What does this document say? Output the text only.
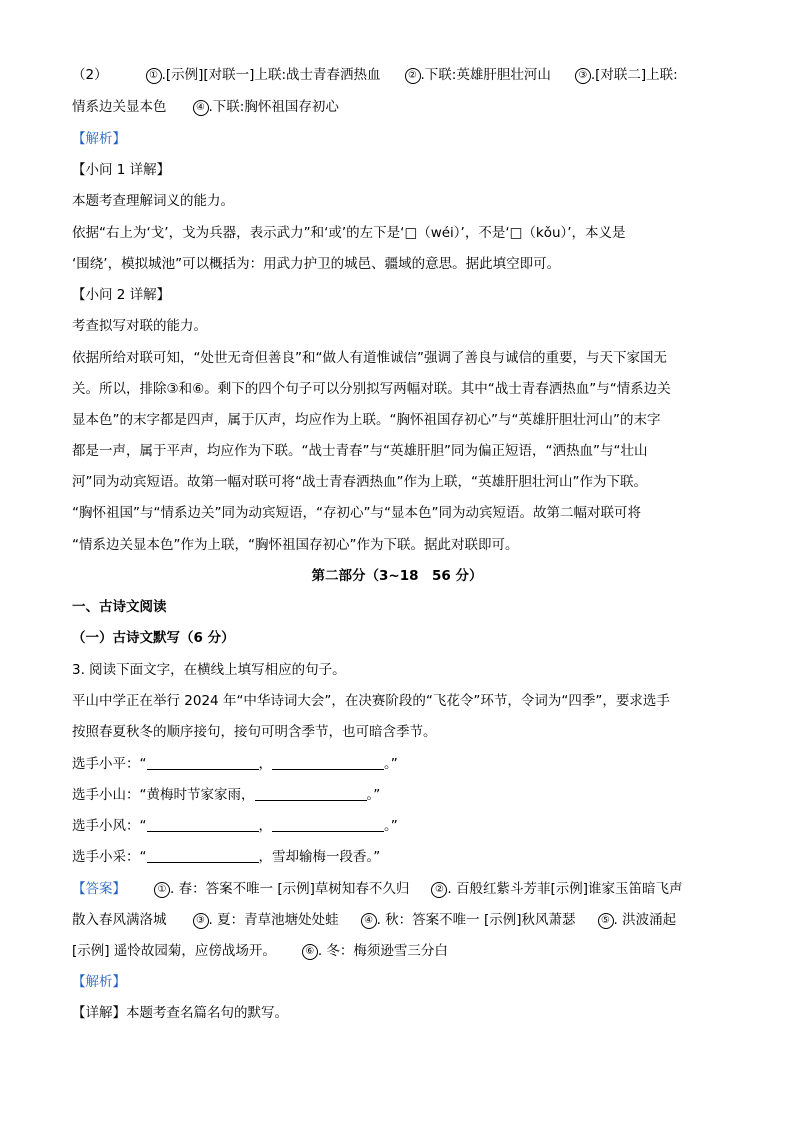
（2）	① .[示例][对联一]上联:战士青春洒热血	② .下联:英雄肝胆壮河山	③ .[对联二]上联:
情系边关显本色	④ .下联:胸怀祖国存初心
【解析】
【小问 1 详解】
本题考查理解词义的能力。
依据“右上为‘戈’，戈为兵器，表示武力”和‘或’的左下是‘□（wéi）’，不是‘□（kǒu）’，本义是
‘围绕’，模拟城池”可以概括为：用武力护卫的城邑、疆域的意思。据此填空即可。
【小问 2 详解】
考查拟写对联的能力。
依据所给对联可知，“处世无奇但善良”和“做人有道惟诚信”强调了善良与诚信的重要，与天下家国无
关。所以，排除③和⑥。剩下的四个句子可以分别拟写两幅对联。其中“战士青春洒热血”与“情系边关
显本色”的末字都是四声，属于仄声，均应作为上联。“胸怀祖国存初心”与“英雄肝胆壮河山”的末字
都是一声，属于平声，均应作为下联。“战士青春”与“英雄肝胆”同为偏正短语，“洒热血”与“壮山
河”同为动宾短语。故第一幅对联可将“战士青春洒热血”作为上联，“英雄肝胆壮河山”作为下联。
“胸怀祖国”与“情系边关”同为动宾短语，“存初心”与“显本色”同为动宾短语。故第二幅对联可将
“情系边关显本色”作为上联，“胸怀祖国存初心”作为下联。据此对联即可。
第二部分（3~18　56 分）
一、古诗文阅读
（一）古诗文默写（6 分）
3. 阅读下面文字，在横线上填写相应的句子。
平山中学正在举行 2024 年“中华诗词大会”，在决赛阶段的“飞花令”环节，令词为“四季”，要求选手
按照春夏秋冬的顺序接句，接句可明含季节，也可暗含季节。
选手小平：“	，	。”
选手小山：“黄梅时节家家雨，	。”
选手小风：“	，	。”
选手小采：“	，雪却输梅一段香。”
【答案】	① . 春：答案不唯一 [示例]草树知春不久归	② . 百般红紫斗芳菲[示例]谁家玉笛暗飞声
散入春风满洛城	③ . 夏：青草池塘处处蛙	④ . 秋：答案不唯一 [示例]秋风萧瑟	⑤ . 洪波涌起
[示例] 遥怜故园菊，应傍战场开。	⑥ . 冬：梅须逊雪三分白
【解析】
【详解】本题考查名篇名句的默写。
